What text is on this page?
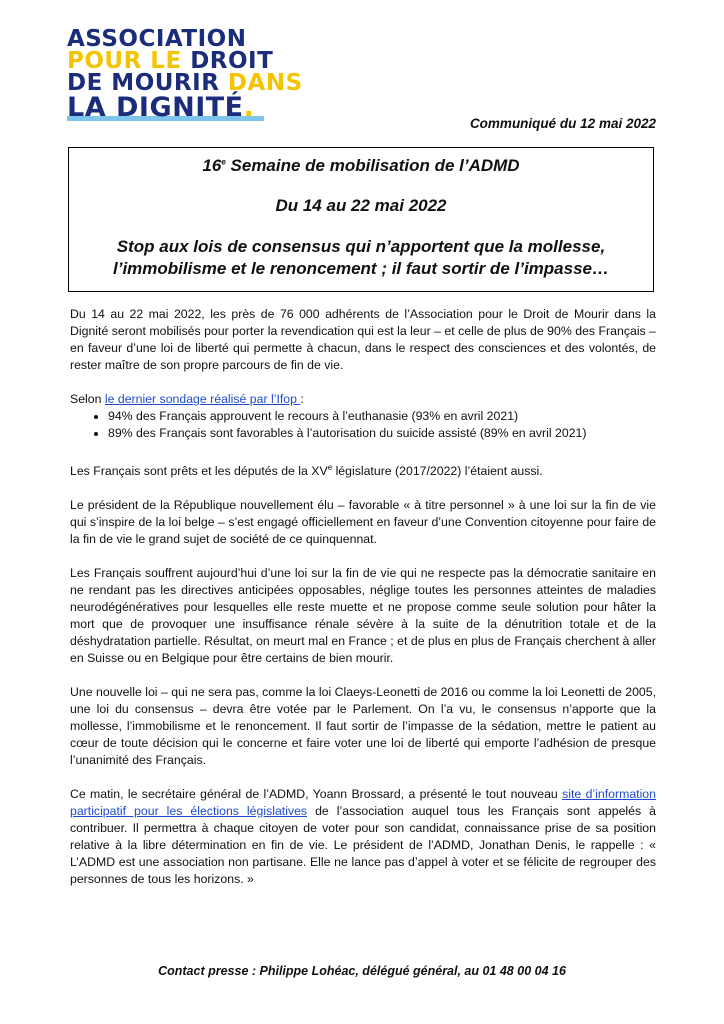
ASSOCIATION
POUR LE DROIT
DE MOURIR DANS
LA DIGNITÉ.
Communiqué du 12 mai 2022
16e Semaine de mobilisation de l’ADMD
Du 14 au 22 mai 2022
Stop aux lois de consensus qui n’apportent que la mollesse, l’immobilisme et le renoncement ; il faut sortir de l’impasse…

Du 14 au 22 mai 2022, les près de 76 000 adhérents de l’Association pour le Droit de Mourir dans la Dignité seront mobilisés pour porter la revendication qui est la leur – et celle de plus de 90% des Français – en faveur d’une loi de liberté qui permette à chacun, dans le respect des consciences et des volontés, de rester maître de son propre parcours de fin de vie.

Selon le dernier sondage réalisé par l’Ifop :

• 94% des Français approuvent le recours à l’euthanasie (93% en avril 2021)
• 89% des Français sont favorables à l’autorisation du suicide assisté (89% en avril 2021)

Les Français sont prêts et les députés de la XVe législature (2017/2022) l’étaient aussi.

Le président de la République nouvellement élu – favorable « à titre personnel » à une loi sur la fin de vie qui s’inspire de la loi belge – s’est engagé officiellement en faveur d’une Convention citoyenne pour faire de la fin de vie le grand sujet de société de ce quinquennat.

Les Français souffrent aujourd’hui d’une loi sur la fin de vie qui ne respecte pas la démocratie sanitaire en ne rendant pas les directives anticipées opposables, néglige toutes les personnes atteintes de maladies neurodégénératives pour lesquelles elle reste muette et ne propose comme seule solution pour hâter la mort que de provoquer une insuffisance rénale sévère à la suite de la dénutrition totale et de la déshydratation partielle. Résultat, on meurt mal en France ; et de plus en plus de Français cherchent à aller en Suisse ou en Belgique pour être certains de bien mourir.

Une nouvelle loi – qui ne sera pas, comme la loi Claeys-Leonetti de 2016 ou comme la loi Leonetti de 2005, une loi du consensus – devra être votée par le Parlement. On l’a vu, le consensus n’apporte que la mollesse, l’immobilisme et le renoncement. Il faut sortir de l’impasse de la sédation, mettre le patient au cœur de toute décision qui le concerne et faire voter une loi de liberté qui emporte l’adhésion de presque l’unanimité des Français.

Ce matin, le secrétaire général de l’ADMD, Yoann Brossard, a présenté le tout nouveau site d’information participatif pour les élections législatives de l’association auquel tous les Français sont appelés à contribuer. Il permettra à chaque citoyen de voter pour son candidat, connaissance prise de sa position relative à la libre détermination en fin de vie. Le président de l’ADMD, Jonathan Denis, le rappelle : « L’ADMD est une association non partisane. Elle ne lance pas d’appel à voter et se félicite de regrouper des personnes de tous les horizons. »

Contact presse : Philippe Lohéac, délégué général, au 01 48 00 04 16
